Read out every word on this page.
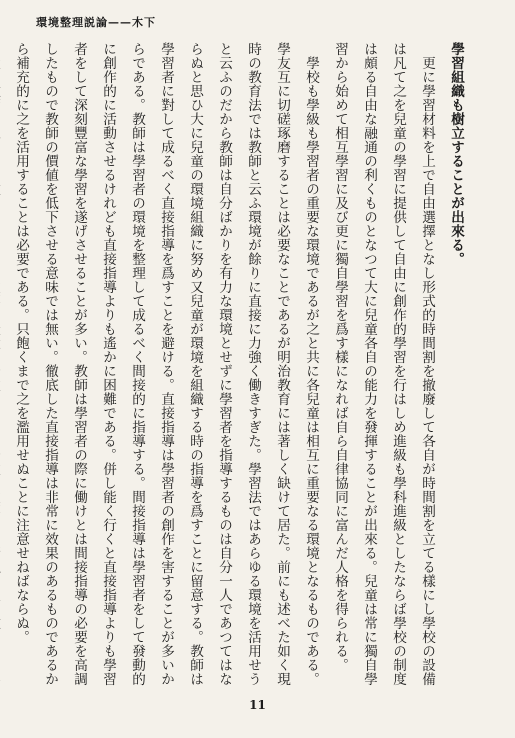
環境整理説論——木下

學習組織も樹立することが出來る。

更に學習材料を上で自由選擇となし形式的時間割を撤廢して各自が時間割を立てる樣にし學校の設備は凡て之を兒童の學習に提供して自由に創作的學習を行はしめ進級も學科進級としたならば學校の制度は頗る自由な融通の利くものとなつて大に兒童各自の能力を發揮することが出來る。兒童は常に獨自學習から始めて相互學習に及び更に獨自學習を爲す樣になれば自ら自律協同に富んだ人格を得られる。

學校も學級も學習者の重要な環境であるが之と共に各兒童は相互に重要なる環境となるものである。學友互に切磋琢磨することは必要なことであるが明治教育には著しく缺けて居た。前にも述べた如く現時の教育法では教師と云ふ環境が餘りに直接に力強く働きすぎた。學習法ではあらゆる環境を活用せうと云ふのだから教師は自分ばかりを有力な環境とせずに學習者を指導するものは自分一人であつてはならぬと思ひ大に兒童の環境組織に努め又兒童が環境を組織する時の指導を爲すことに留意する。教師は學習者に對して成るべく直接指導を爲すことを避ける。直接指導は學習者の創作を害することが多いからである。教師は學習者の環境を整理して成るべく間接的に指導する。間接指導は學習者をして發動的に創作的に活動させるけれども直接指導よりも遙かに困難である。併し能く行くと直接指導よりも學習者をして深刻豐富な學習を遂げさせることが多い。教師は學習者の際に働けとは間接指導の必要を高調したもので教師の價値を低下させる意味では無い。徹底した直接指導は非常に效果のあるものであるから補充的に之を活用することは必要である。只飽くまで之を濫用せぬことに注意せねばならぬ。

11
